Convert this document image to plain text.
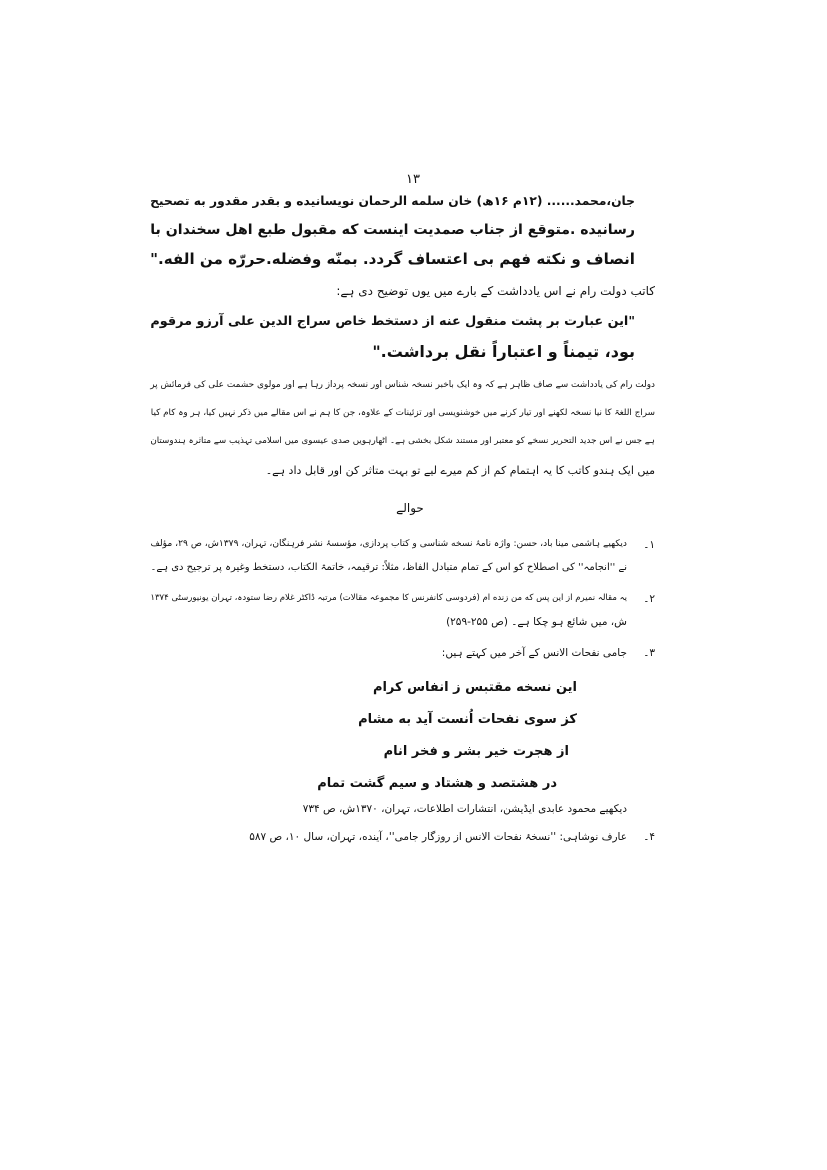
۱۳
جان،محمد...... (۱۲م ۱۶ھ) خان سلمه الرحمان نویسانیده و بقدر مقدور به تصحیح
رسانیده .متوقع از جناب صمدیت اینست که مقبول طبع اهل سخندان با
انصاف و نکته فهم بی اعتساف گردد. بمنّه وفضله.حررّه من الفه."
کاتب دولت رام نے اس یادداشت کے بارے میں یوں توضیح دی ہے:
"این عبارت بر پشت منقول عنه از دستخط خاص سراج الدین علی آرزو مرقوم
بود، تیمناً و اعتباراً نقل برداشت."
دولت رام کی یادداشت سے صاف ظاہر ہے کہ وہ ایک باخبر نسخہ شناس اور نسخہ پرداز رہا ہے اور مولوی حشمت علی کی فرمائش پر
سراج اللغۃ کا نیا نسخہ لکھنے اور تیار کرنے میں خوشنویسی اور تزئینات کے علاوہ، جن کا ہم نے اس مقالے میں ذکر نہیں کیا، ہر وہ کام کیا
ہے جس نے اس جدید التحریر نسخے کو معتبر اور مستند شکل بخشی ہے۔ اٹھارہویں صدی عیسوی میں اسلامی تہذیب سے متاثرہ ہندوستان
میں ایک ہندو کاتب کا یہ اہتمام کم از کم میرے لیے تو بہت متاثر کن اور قابل داد ہے۔
حوالے
۱۔
دیکھیے ہاشمی مینا باد، حسن: واژہ نامۂ نسخه شناسی و کتاب پردازی، مؤسسۂ نشر فرہنگان، تہران، ۱۳۷۹ش، ص ۲۹، مؤلف
نے ''انجامہ'' کی اصطلاح کو اس کے تمام متبادل الفاظ، مثلاً: ترقیمہ، خاتمۃ الکتاب، دستخط وغیرہ پر ترجیح دی ہے۔
۲۔
یہ مقالہ نمیرم از این پس که من زنده ام (فردوسی کانفرنس کا مجموعہ مقالات) مرتبہ ڈاکٹر غلام رضا ستودہ، تہران یونیورسٹی ۱۳۷۴
ش، میں شائع ہو چکا ہے۔ (ص ۲۵۵-۲۵۹)
۳۔
جامی نفحات الانس کے آخر میں کہتے ہیں:
این نسخه مقتبس ز انفاس کرام
کز سوی نفحات اُنست آید به مشام
از هجرت خیر بشر و فخر انام
در هشتصد و هشتاد و سیم گشت تمام
دیکھیے محمود عابدی ایڈیشن، انتشارات اطلاعات، تہران، ۱۳۷۰ش، ص ۷۳۴
۴۔
عارف نوشاہی: ''نسخۂ نفحات الانس از روزگار جامی''، آینده، تہران، سال ۱۰، ص ۵۸۷
